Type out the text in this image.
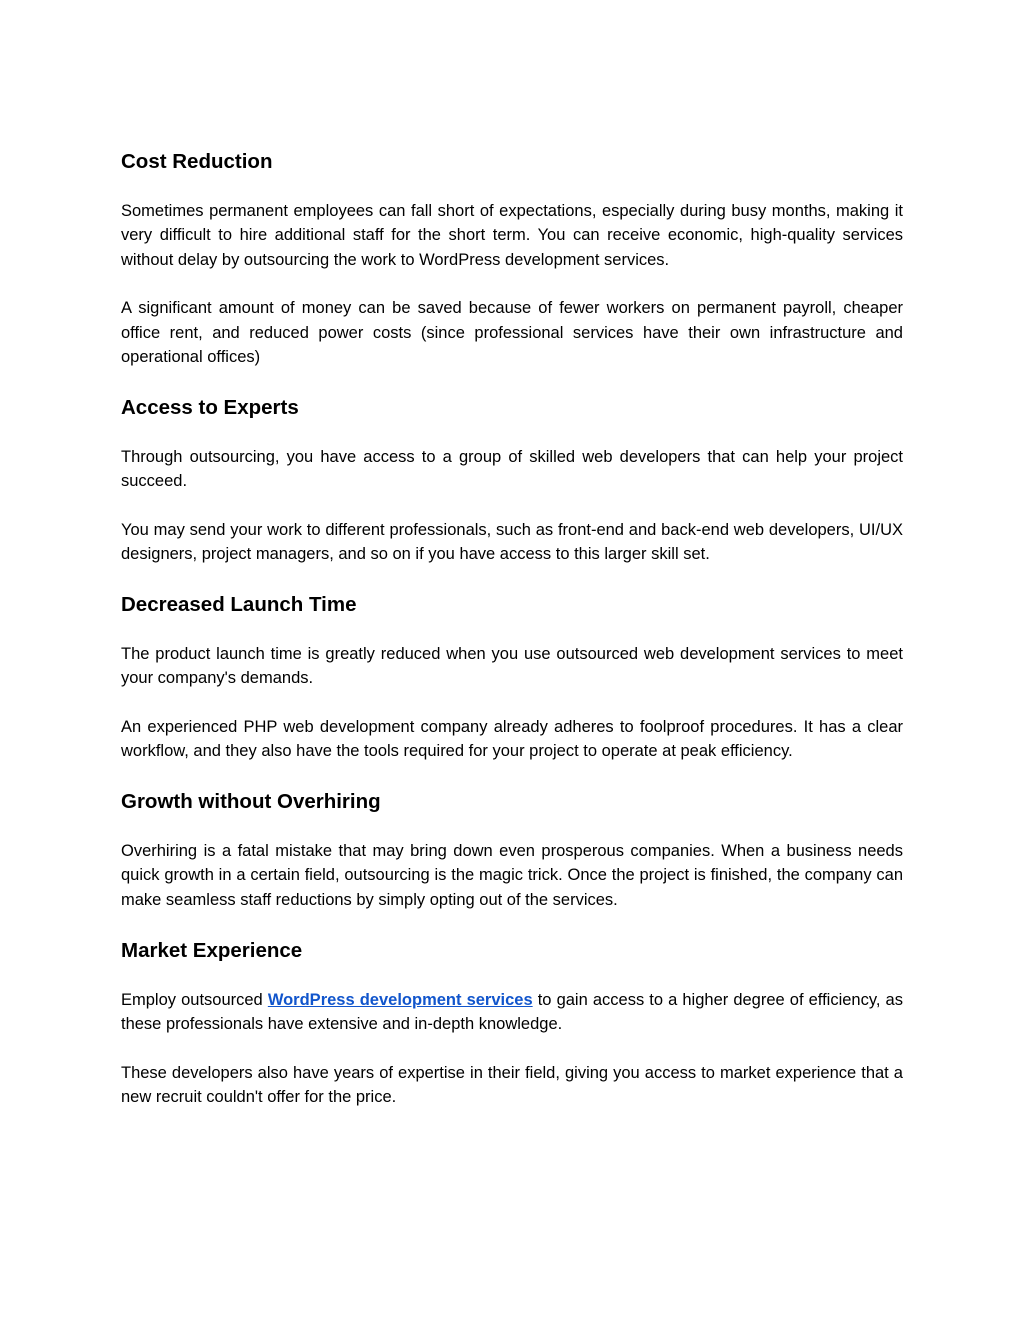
Cost Reduction

Sometimes permanent employees can fall short of expectations, especially during busy months, making it very difficult to hire additional staff for the short term. You can receive economic, high-quality services without delay by outsourcing the work to WordPress development services.

A significant amount of money can be saved because of fewer workers on permanent payroll, cheaper office rent, and reduced power costs (since professional services have their own infrastructure and operational offices)

Access to Experts

Through outsourcing, you have access to a group of skilled web developers that can help your project succeed.

You may send your work to different professionals, such as front-end and back-end web developers, UI/UX designers, project managers, and so on if you have access to this larger skill set.

Decreased Launch Time

The product launch time is greatly reduced when you use outsourced web development services to meet your company's demands.

An experienced PHP web development company already adheres to foolproof procedures. It has a clear workflow, and they also have the tools required for your project to operate at peak efficiency.

Growth without Overhiring

Overhiring is a fatal mistake that may bring down even prosperous companies. When a business needs quick growth in a certain field, outsourcing is the magic trick. Once the project is finished, the company can make seamless staff reductions by simply opting out of the services.

Market Experience

Employ outsourced WordPress development services to gain access to a higher degree of efficiency, as these professionals have extensive and in-depth knowledge.

These developers also have years of expertise in their field, giving you access to market experience that a new recruit couldn't offer for the price.
